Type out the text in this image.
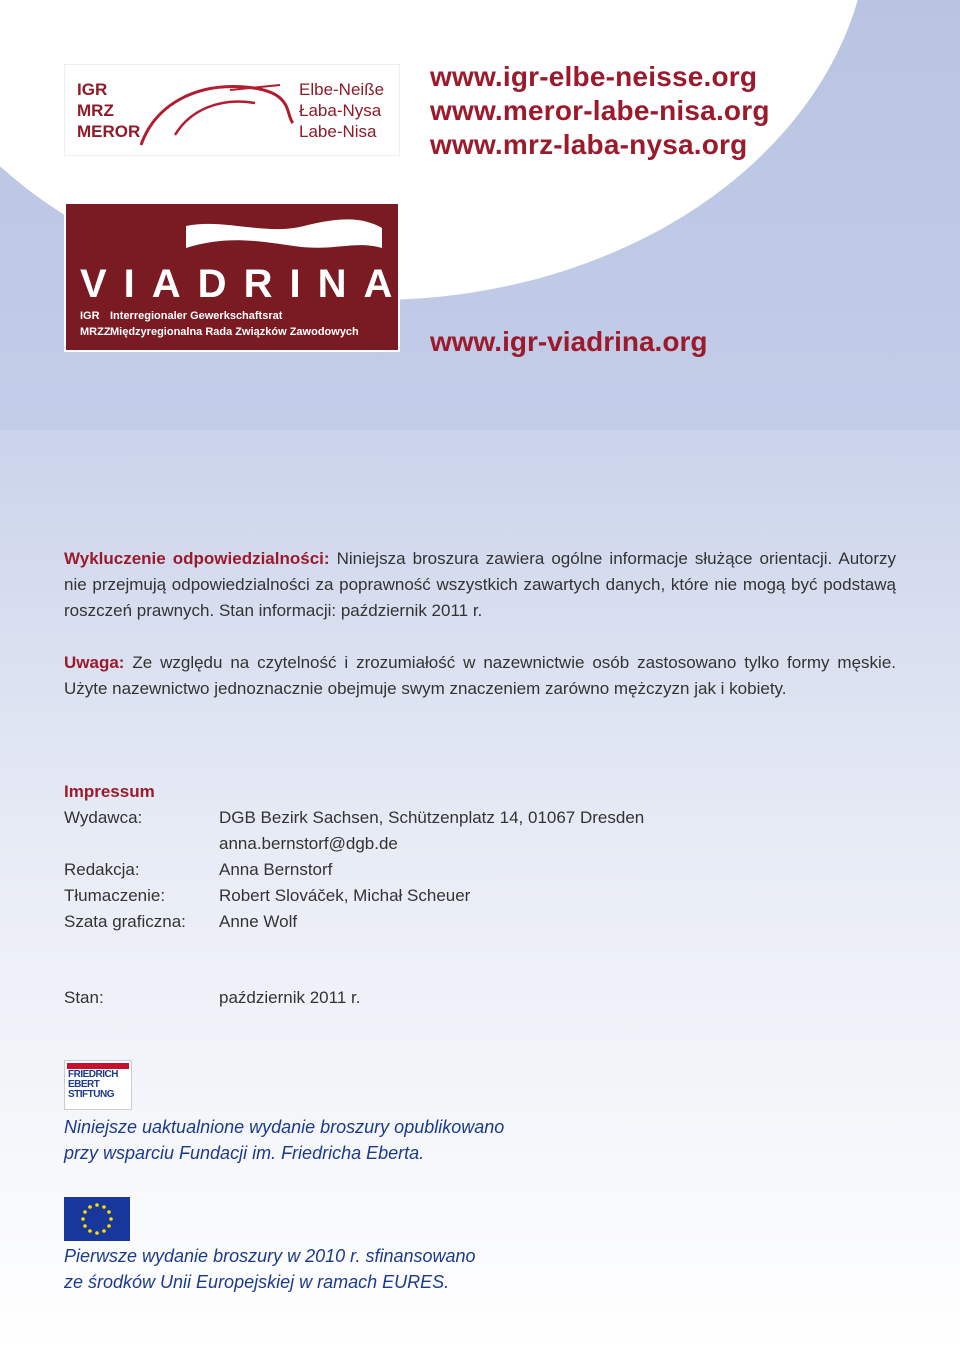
IGR
MRZ
MEROR
Elbe-Neiße
Łaba-Nysa
Labe-Nisa
www.igr-elbe-neisse.org
www.meror-labe-nisa.org
www.mrz-laba-nysa.org
VIADRINA
IGR Interregionaler Gewerkschaftsrat
MRZZMiędzyregionalna Rada Związków Zawodowych	www.igr-viadrina.org
Wykluczenie odpowiedzialności: Niniejsza broszura zawiera ogólne informacje służące orientacji. Autorzy nie przejmują odpowiedzialności za poprawność wszystkich zawartych danych, które nie mogą być podstawą roszczeń prawnych. Stan informacji: październik 2011 r.
Uwaga: Ze względu na czytelność i zrozumiałość w nazewnictwie osób zastosowano tylko formy męskie. Użyte nazewnictwo jednoznacznie obejmuje swym znaczeniem zarówno mężczyzn jak i kobiety.
Impressum
Wydawca:	DGB Bezirk Sachsen, Schützenplatz 14, 01067 Dresden
anna.bernstorf@dgb.de
Redakcja:	Anna Bernstorf
Tłumaczenie:	Robert Slováček, Michał Scheuer
Szata graficzna:	Anne Wolf
Stan:	październik 2011 r.
FRIEDRICH
EBERT
STIFTUNG
Niniejsze uaktualnione wydanie broszury opublikowano
przy wsparciu Fundacji im. Friedricha Eberta.
Pierwsze wydanie broszury w 2010 r. sfinansowano
ze środków Unii Europejskiej w ramach EURES.
